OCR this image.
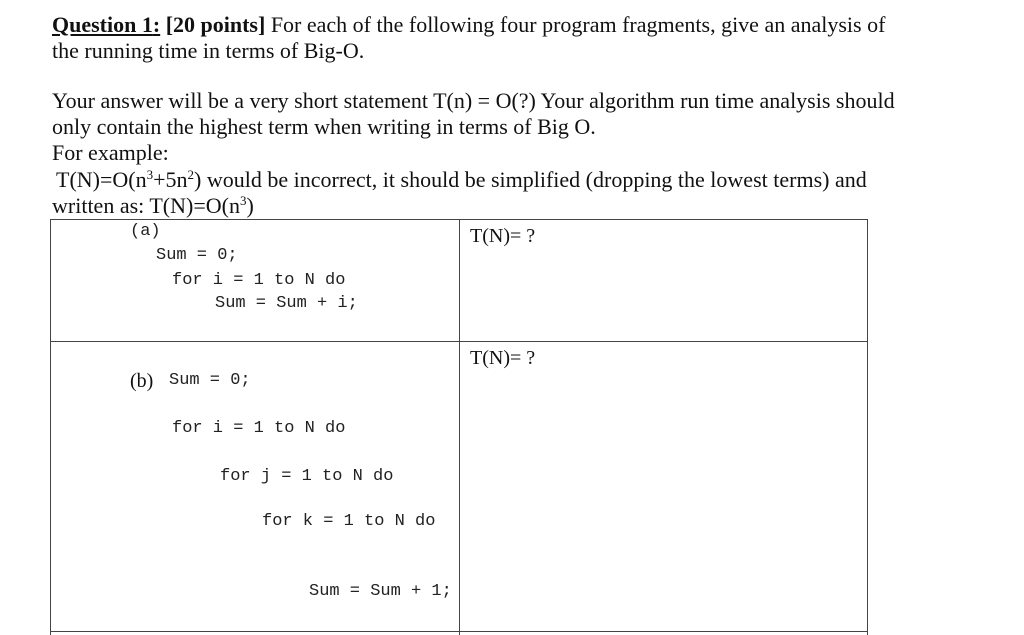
Question 1: [20 points] For each of the following four program fragments, give an analysis of
the running time in terms of Big-O.
Your answer will be a very short statement T(n) = O(?) Your algorithm run time analysis should
only contain the highest term when writing in terms of Big O.
For example:
$T(N)=O(n^3+5n^2)$ would be incorrect, it should be simplified (dropping the lowest terms) and
written as: $T(N)=O(n^3)$
(a)
Sum = 0;
for i = 1 to N do
Sum = Sum + i;
T(N)= ?
(b) Sum = 0;
for i = 1 to N do
for j = 1 to N do
for k = 1 to N do
Sum = Sum + 1;
T(N)= ?
